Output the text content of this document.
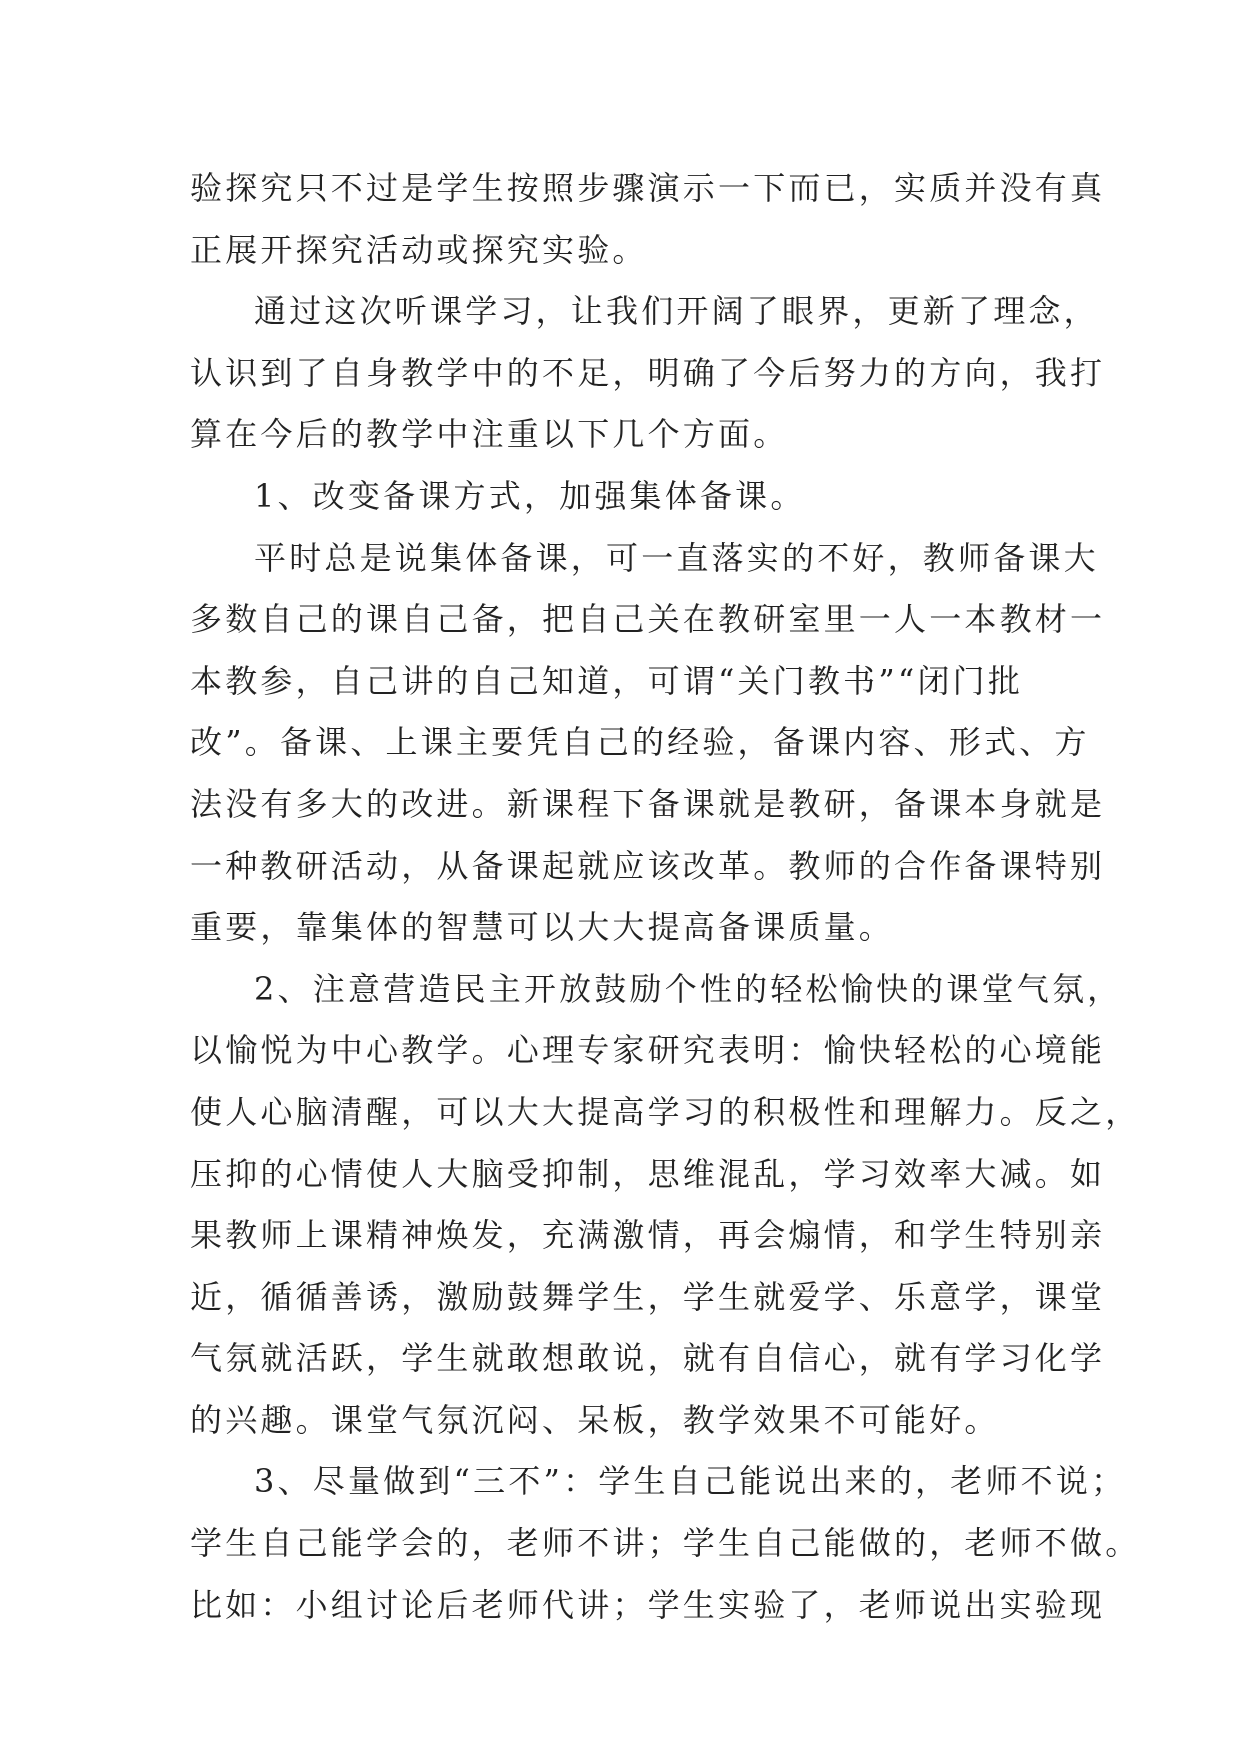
验探究只不过是学生按照步骤演示一下而已，实质并没有真
正展开探究活动或探究实验。

通过这次听课学习，让我们开阔了眼界，更新了理念，
认识到了自身教学中的不足，明确了今后努力的方向，我打
算在今后的教学中注重以下几个方面。

1、改变备课方式，加强集体备课。

平时总是说集体备课，可一直落实的不好，教师备课大
多数自己的课自己备，把自己关在教研室里一人一本教材一
本教参，自己讲的自己知道，可谓“关门教书”“闭门批
改”。备课、上课主要凭自己的经验，备课内容、形式、方
法没有多大的改进。新课程下备课就是教研，备课本身就是
一种教研活动，从备课起就应该改革。教师的合作备课特别
重要，靠集体的智慧可以大大提高备课质量。

2、注意营造民主开放鼓励个性的轻松愉快的课堂气氛，
以愉悦为中心教学。心理专家研究表明：愉快轻松的心境能
使人心脑清醒，可以大大提高学习的积极性和理解力。反之，
压抑的心情使人大脑受抑制，思维混乱，学习效率大减。如
果教师上课精神焕发，充满激情，再会煽情，和学生特别亲
近，循循善诱，激励鼓舞学生，学生就爱学、乐意学，课堂
气氛就活跃，学生就敢想敢说，就有自信心，就有学习化学
的兴趣。课堂气氛沉闷、呆板，教学效果不可能好。

3、尽量做到“三不”：学生自己能说出来的，老师不说；
学生自己能学会的，老师不讲；学生自己能做的，老师不做。
比如：小组讨论后老师代讲；学生实验了，老师说出实验现
